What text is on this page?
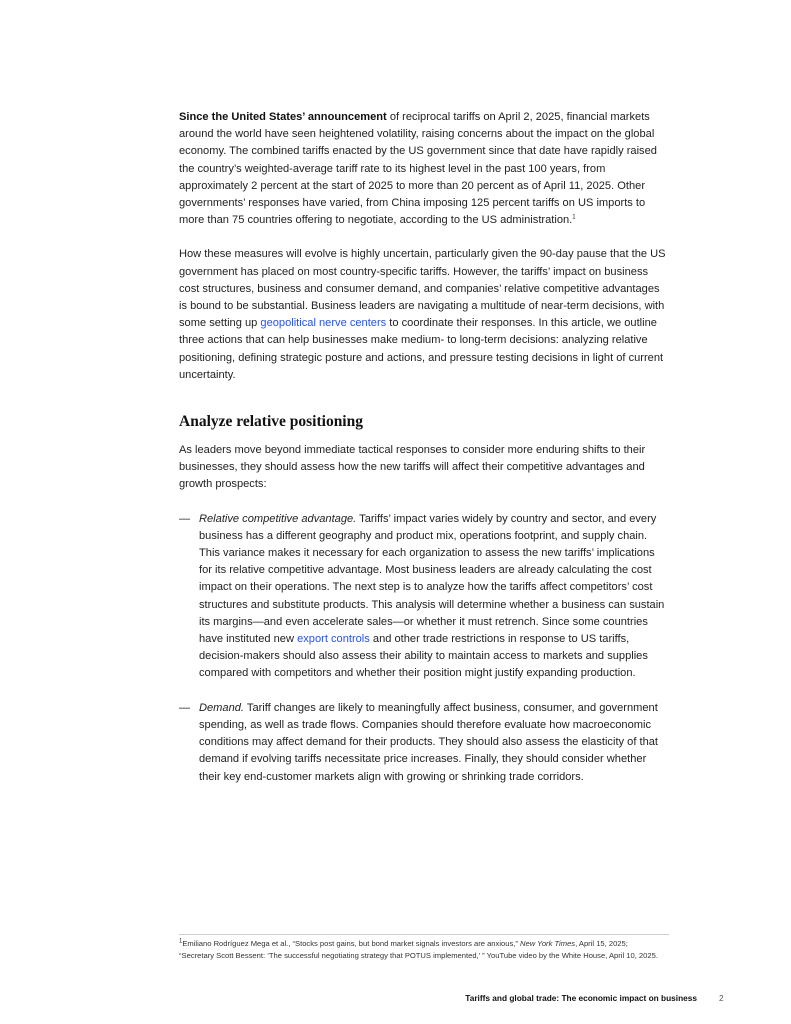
Since the United States’ announcement of reciprocal tariffs on April 2, 2025, financial markets around the world have seen heightened volatility, raising concerns about the impact on the global economy. The combined tariffs enacted by the US government since that date have rapidly raised the country’s weighted-average tariff rate to its highest level in the past 100 years, from approximately 2 percent at the start of 2025 to more than 20 percent as of April 11, 2025. Other governments’ responses have varied, from China imposing 125 percent tariffs on US imports to more than 75 countries offering to negotiate, according to the US administration.$^1$

How these measures will evolve is highly uncertain, particularly given the 90-day pause that the US government has placed on most country-specific tariffs. However, the tariffs’ impact on business cost structures, business and consumer demand, and companies’ relative competitive advantages is bound to be substantial. Business leaders are navigating a multitude of near-term decisions, with some setting up geopolitical nerve centers to coordinate their responses. In this article, we outline three actions that can help businesses make medium- to long-term decisions: analyzing relative positioning, defining strategic posture and actions, and pressure testing decisions in light of current uncertainty.

Analyze relative positioning

As leaders move beyond immediate tactical responses to consider more enduring shifts to their businesses, they should assess how the new tariffs will affect their competitive advantages and growth prospects:

— Relative competitive advantage. Tariffs’ impact varies widely by country and sector, and every business has a different geography and product mix, operations footprint, and supply chain. This variance makes it necessary for each organization to assess the new tariffs’ implications for its relative competitive advantage. Most business leaders are already calculating the cost impact on their operations. The next step is to analyze how the tariffs affect competitors’ cost structures and substitute products. This analysis will determine whether a business can sustain its margins—and even accelerate sales—or whether it must retrench. Since some countries have instituted new export controls and other trade restrictions in response to US tariffs, decision-makers should also assess their ability to maintain access to markets and supplies compared with competitors and whether their position might justify expanding production.
— Demand. Tariff changes are likely to meaningfully affect business, consumer, and government spending, as well as trade flows. Companies should therefore evaluate how macroeconomic conditions may affect demand for their products. They should also assess the elasticity of that demand if evolving tariffs necessitate price increases. Finally, they should consider whether their key end-customer markets align with growing or shrinking trade corridors.
$^1$Emiliano Rodríguez Mega et al., “Stocks post gains, but bond market signals investors are anxious,” New York Times, April 15, 2025; “Secretary Scott Bessent: ‘The successful negotiating strategy that POTUS implemented,’ ” YouTube video by the White House, April 10, 2025.
Tariffs and global trade: The economic impact on business	2
